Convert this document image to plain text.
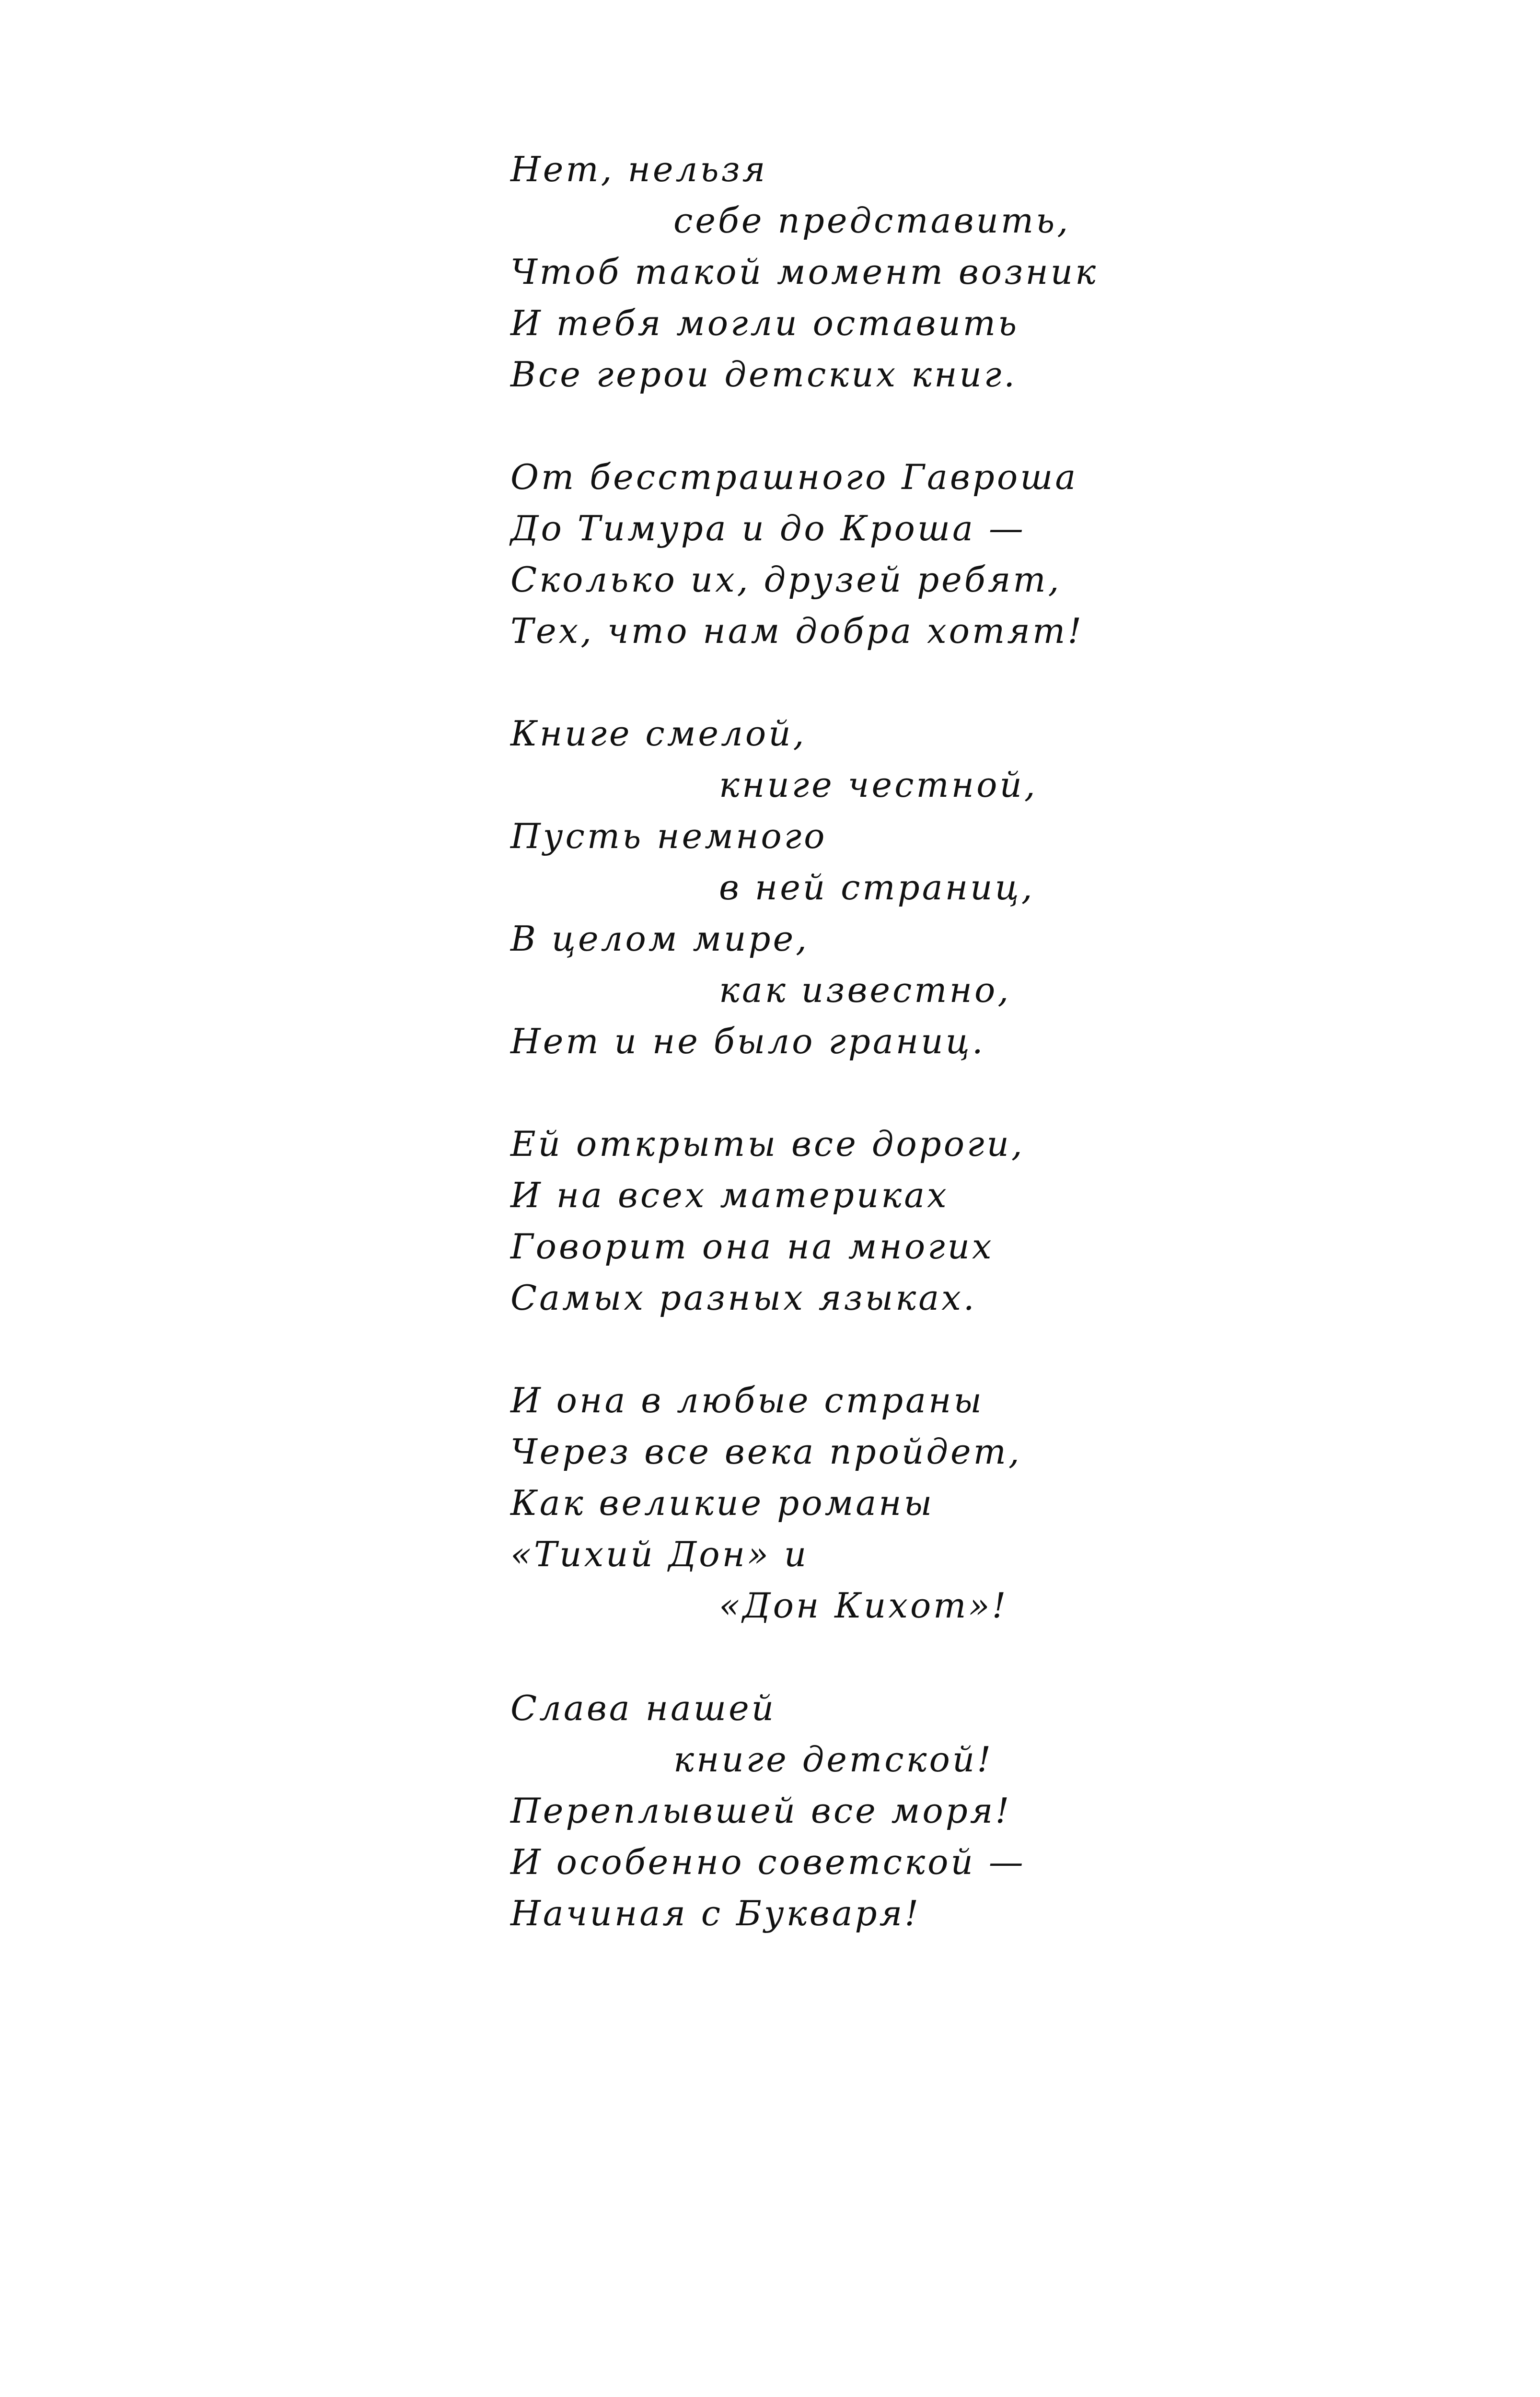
Нет, нельзя
себе представить,
Чтоб такой момент возник
И тебя могли оставить
Все герои детских книг.
От бесстрашного Гавроша
До Тимура и до Кроша —
Сколько их, друзей ребят,
Тех, что нам добра хотят!
Книге смелой,
книге честной,
Пусть немного
в ней страниц,
В целом мире,
как известно,
Нет и не было границ.
Ей открыты все дороги,
И на всех материках
Говорит она на многих
Самых разных языках.
И она в любые страны
Через все века пройдет,
Как великие романы
«Тихий Дон» и
«Дон Кихот»!
Слава нашей
книге детской!
Переплывшей все моря!
И особенно советской —
Начиная с Букваря!
